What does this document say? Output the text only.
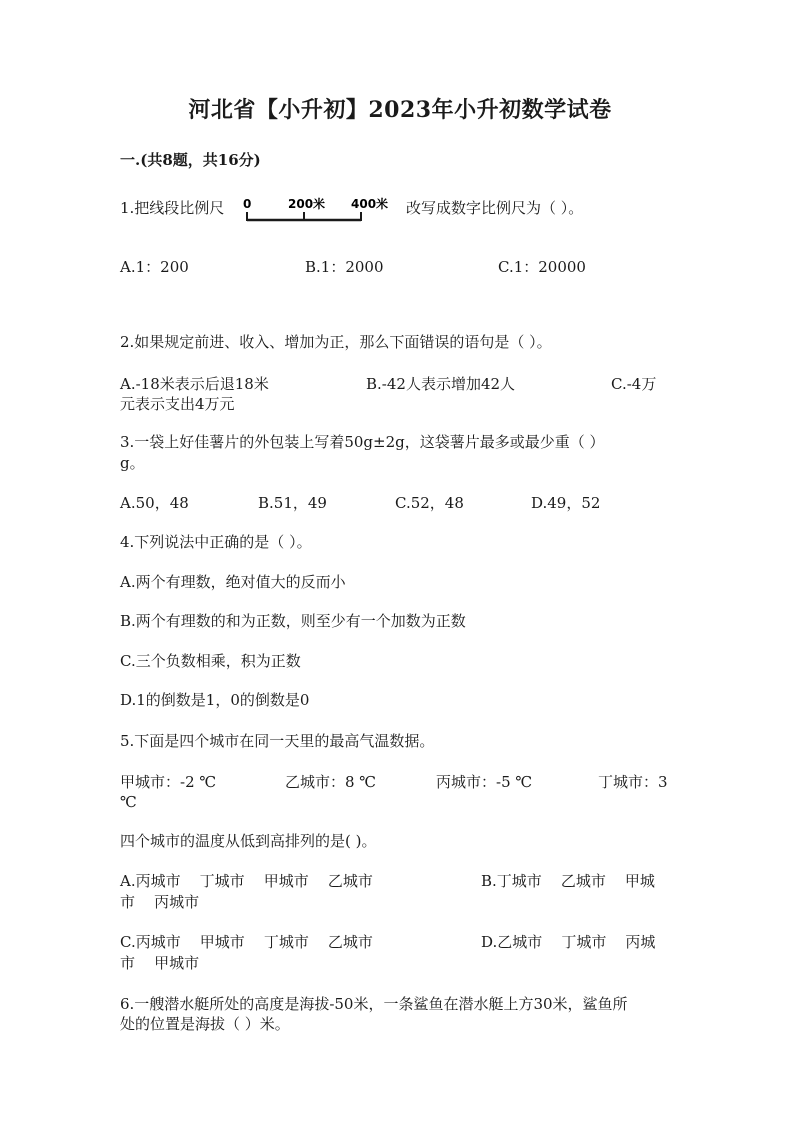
河北省【小升初】2023年小升初数学试卷
一.(共8题，共16分)
1.把线段比例尺 0	200米 400米 改写成数字比例尺为（ ）。
A.1：200	B.1：2000	C.1：20000
2.如果规定前进、收入、增加为正，那么下面错误的语句是（ ）。
A.-18米表示后退18米	B.-42人表示增加42人	C.-4万
元表示支出4万元
3.一袋上好佳薯片的外包装上写着50g±2g，这袋薯片最多或最少重（ ）
g。
A.50，48	B.51，49	C.52，48	D.49，52
4.下列说法中正确的是（ ）。
A.两个有理数，绝对值大的反而小
B.两个有理数的和为正数，则至少有一个加数为正数
C.三个负数相乘，积为正数
D.1的倒数是1，0的倒数是0
5.下面是四个城市在同一天里的最高气温数据。
甲城市：-2 ℃	乙城市：8 ℃	丙城市：-5 ℃	丁城市：3
℃
四个城市的温度从低到高排列的是( )。
A.丙城市    丁城市    甲城市    乙城市	B.丁城市    乙城市    甲城
市    丙城市
C.丙城市    甲城市    丁城市    乙城市	D.乙城市    丁城市    丙城
市    甲城市
6.一艘潜水艇所处的高度是海拔-50米，一条鲨鱼在潜水艇上方30米，鲨鱼所
处的位置是海拔（ ）米。
